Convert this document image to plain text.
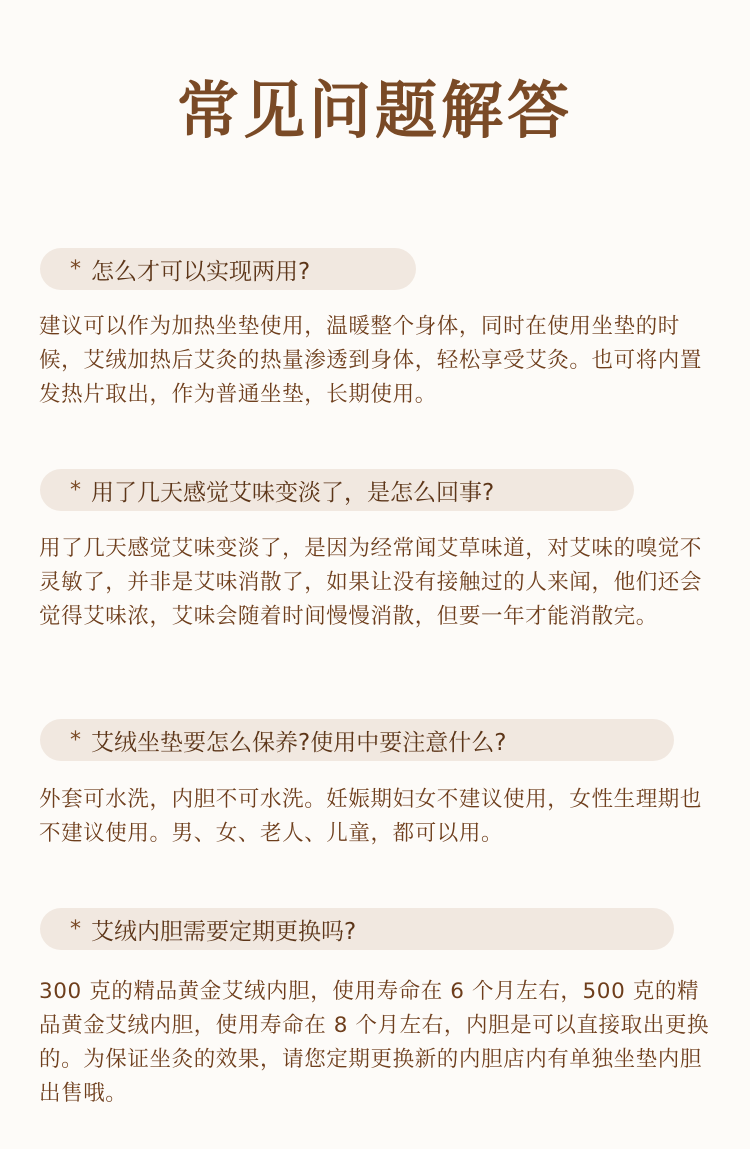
常见问题解答
* 怎么才可以实现两用?

建议可以作为加热坐垫使用，温暖整个身体，同时在使用坐垫的时候，艾绒加热后艾灸的热量渗透到身体，轻松享受艾灸。也可将内置发热片取出，作为普通坐垫，长期使用。

* 用了几天感觉艾味变淡了，是怎么回事?

用了几天感觉艾味变淡了，是因为经常闻艾草味道，对艾味的嗅觉不灵敏了，并非是艾味消散了，如果让没有接触过的人来闻，他们还会觉得艾味浓，艾味会随着时间慢慢消散，但要一年才能消散完。

* 艾绒坐垫要怎么保养?使用中要注意什么?

外套可水洗，内胆不可水洗。妊娠期妇女不建议使用，女性生理期也不建议使用。男、女、老人、儿童，都可以用。

* 艾绒内胆需要定期更换吗?

300 克的精品黄金艾绒内胆，使用寿命在 6 个月左右，500 克的精品黄金艾绒内胆，使用寿命在 8 个月左右，内胆是可以直接取出更换的。为保证坐灸的效果，请您定期更换新的内胆店内有单独坐垫内胆出售哦。
